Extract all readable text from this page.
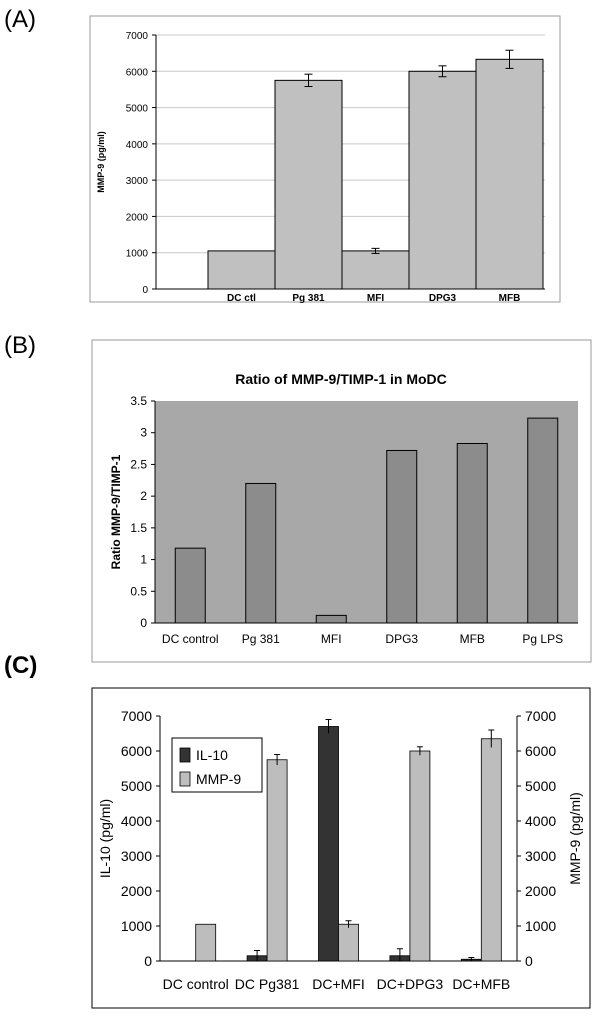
(A)
(B)
(C)
0
1000
2000
3000
4000
5000
6000
7000
MMP-9 (pg/ml)
DC ctl	Pg 381	MFI	DPG3	MFB
Ratio of MMP-9/TIMP-1 in MoDC
0
0.5
1
1.5
2
2.5
3
3.5
Ratio MMP-9/TIMP-1
DC control Pg 381	MFI	DPG3	MFB	Pg LPS
0	0
1000	1000
2000	2000
3000	3000
4000	4000
5000	5000
6000	6000
7000	7000
IL-10 (pg/ml)	MMP-9 (pg/ml)
DC control DC Pg381 DC+MFI DC+DPG3 DC+MFB
IL-10
MMP-9
